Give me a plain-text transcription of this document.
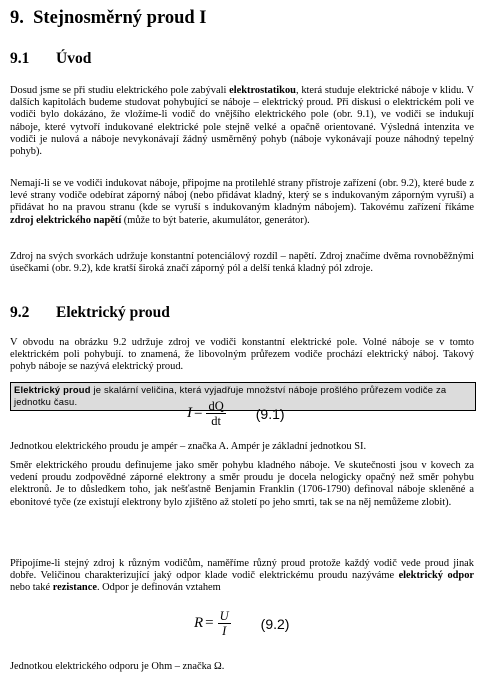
9. Stejnosměrný proud I
9.1 Úvod

Dosud jsme se při studiu elektrického pole zabývali elektrostatikou, která studuje elektrické náboje v klidu. V dalších kapitolách budeme studovat pohybující se náboje – elektrický proud. Při diskusi o elektrickém poli ve vodiči bylo dokázáno, že vložíme-li vodič do vnějšího elektrického pole (obr. 9.1), ve vodiči se indukují náboje, které vytvoří indukované elektrické pole stejně velké a opačně orientované. Výsledná intenzita ve vodiči je nulová a náboje nevykonávají žádný usměrněný pohyb (náboje vykonávají pouze náhodný tepelný pohyb).

Nemají-li se ve vodiči indukovat náboje, připojme na protilehlé strany přístroje zařízení (obr. 9.2), které bude z levé strany vodiče odebírat záporný náboj (nebo přidávat kladný, který se s indukovaným záporným vyruší) a přidávat ho na pravou stranu (kde se vyruší s indukovaným kladným nábojem). Takovému zařízení říkáme zdroj elektrického napětí (může to být baterie, akumulátor, generátor).

Zdroj na svých svorkách udržuje konstantní potenciálový rozdíl – napětí. Zdroj značíme dvěma rovnoběžnými úsečkami (obr. 9.2), kde kratší široká značí záporný pól a delší tenká kladný pól zdroje.

9.2 Elektrický proud

V obvodu na obrázku 9.2 udržuje zdroj ve vodiči konstantní elektrické pole. Volné náboje se v tomto elektrickém poli pohybují. to znamená, že libovolným průřezem vodiče prochází elektrický náboj. Takový pohyb náboje se nazývá elektrický proud.

Elektrický proud je skalární veličina, která vyjadřuje množství náboje prošlého průřezem vodiče za jednotku času.
$I = \frac{dQ}{dt} (9.1)$

Jednotkou elektrického proudu je ampér – značka A. Ampér je základní jednotkou SI.

Směr elektrického proudu definujeme jako směr pohybu kladného náboje. Ve skutečnosti jsou v kovech za vedení proudu zodpovědné záporné elektrony a směr proudu je docela nelogicky opačný než směr pohybu elektronů. Je to důsledkem toho, jak nešťastně Benjamin Franklin (1706-1790) definoval náboje skleněné a ebonitové tyče (ze existují elektrony bylo zjištěno až století po jeho smrti, tak se na něj nemůžeme zlobit).

Připojíme-li stejný zdroj k různým vodičům, naměříme různý proud protože každý vodič vede proud jinak dobře. Veličinou charakterizující jaký odpor klade vodič elektrickému proudu nazýváme elektrický odpor nebo také rezistance. Odpor je definován vztahem

$R = \frac{U}{I} (9.2)$

Jednotkou elektrického odporu je Ohm – značka Ω.
